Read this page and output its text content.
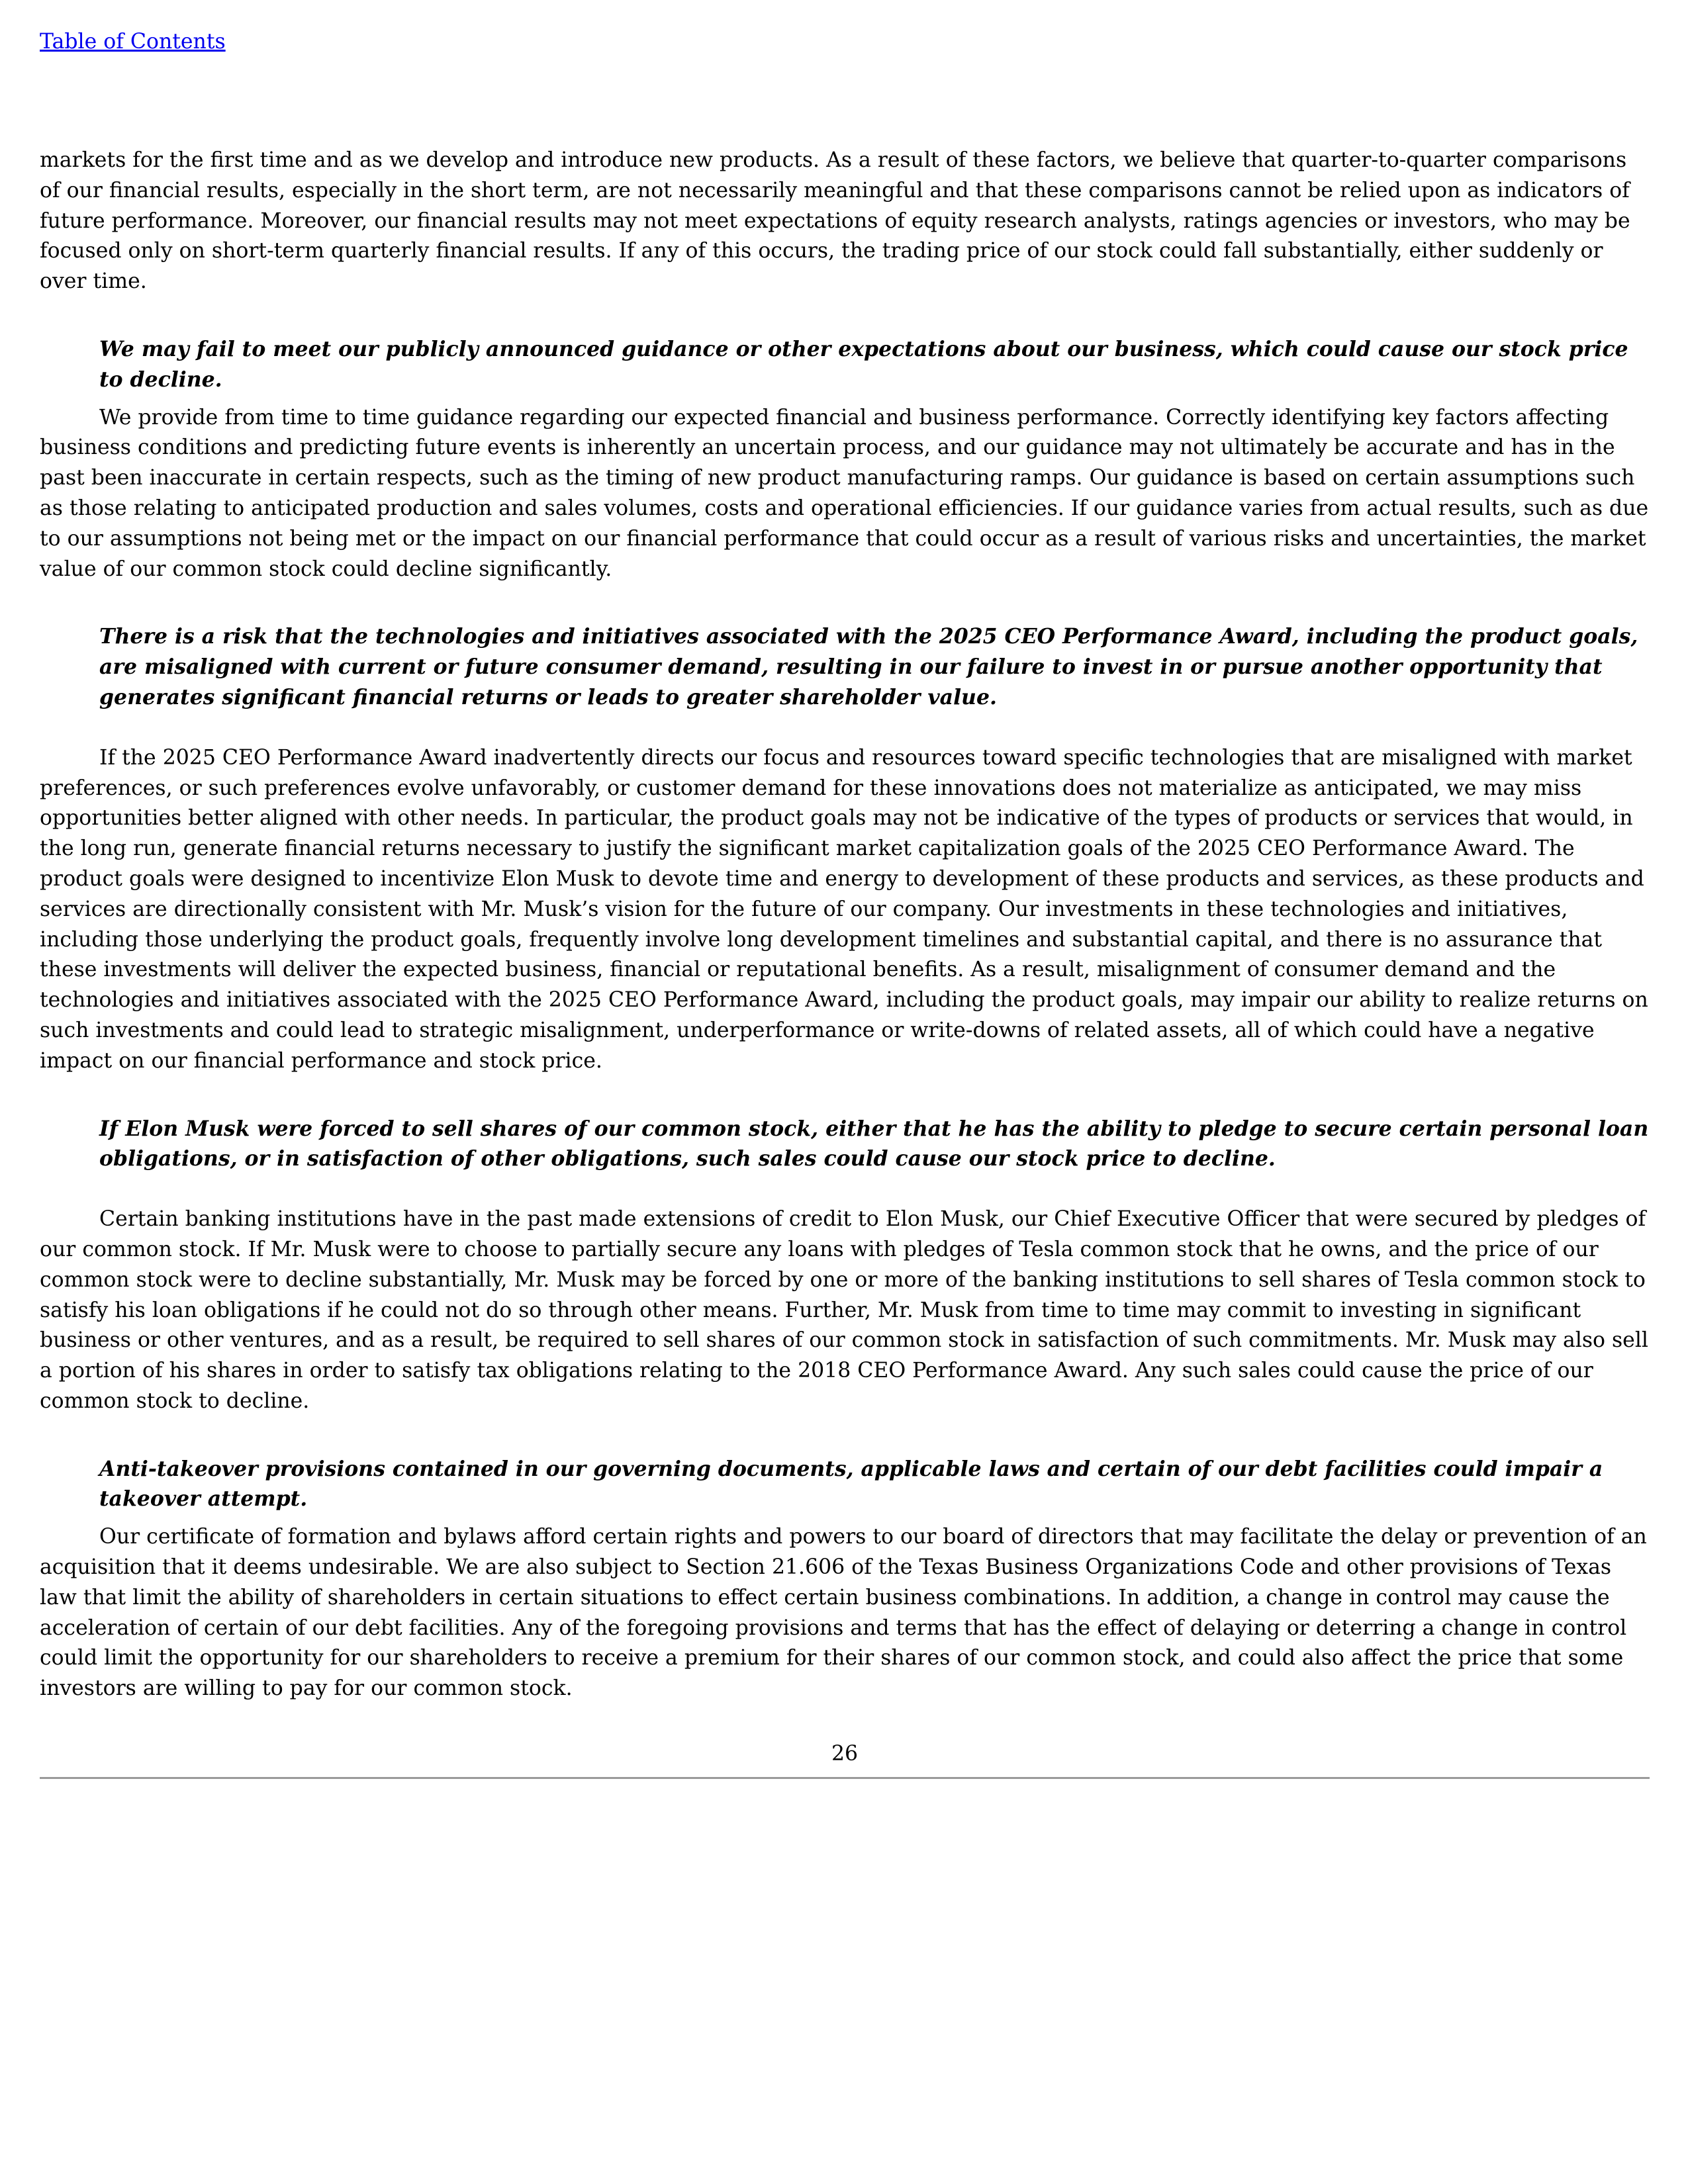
Table of Contents

markets for the first time and as we develop and introduce new products. As a result of these factors, we believe that quarter-to-quarter comparisons of our financial results, especially in the short term, are not necessarily meaningful and that these comparisons cannot be relied upon as indicators of future performance. Moreover, our financial results may not meet expectations of equity research analysts, ratings agencies or investors, who may be focused only on short-term quarterly financial results. If any of this occurs, the trading price of our stock could fall substantially, either suddenly or over time.

We may fail to meet our publicly announced guidance or other expectations about our business, which could cause our stock price to decline.

We provide from time to time guidance regarding our expected financial and business performance. Correctly identifying key factors affecting business conditions and predicting future events is inherently an uncertain process, and our guidance may not ultimately be accurate and has in the past been inaccurate in certain respects, such as the timing of new product manufacturing ramps. Our guidance is based on certain assumptions such as those relating to anticipated production and sales volumes, costs and operational efficiencies. If our guidance varies from actual results, such as due to our assumptions not being met or the impact on our financial performance that could occur as a result of various risks and uncertainties, the market value of our common stock could decline significantly.

There is a risk that the technologies and initiatives associated with the 2025 CEO Performance Award, including the product goals, are misaligned with current or future consumer demand, resulting in our failure to invest in or pursue another opportunity that generates significant financial returns or leads to greater shareholder value.

If the 2025 CEO Performance Award inadvertently directs our focus and resources toward specific technologies that are misaligned with market preferences, or such preferences evolve unfavorably, or customer demand for these innovations does not materialize as anticipated, we may miss opportunities better aligned with other needs. In particular, the product goals may not be indicative of the types of products or services that would, in the long run, generate financial returns necessary to justify the significant market capitalization goals of the 2025 CEO Performance Award. The product goals were designed to incentivize Elon Musk to devote time and energy to development of these products and services, as these products and services are directionally consistent with Mr. Musk’s vision for the future of our company. Our investments in these technologies and initiatives, including those underlying the product goals, frequently involve long development timelines and substantial capital, and there is no assurance that these investments will deliver the expected business, financial or reputational benefits. As a result, misalignment of consumer demand and the technologies and initiatives associated with the 2025 CEO Performance Award, including the product goals, may impair our ability to realize returns on such investments and could lead to strategic misalignment, underperformance or write-downs of related assets, all of which could have a negative impact on our financial performance and stock price.

If Elon Musk were forced to sell shares of our common stock, either that he has the ability to pledge to secure certain personal loan obligations, or in satisfaction of other obligations, such sales could cause our stock price to decline.

Certain banking institutions have in the past made extensions of credit to Elon Musk, our Chief Executive Officer that were secured by pledges of our common stock. If Mr. Musk were to choose to partially secure any loans with pledges of Tesla common stock that he owns, and the price of our common stock were to decline substantially, Mr. Musk may be forced by one or more of the banking institutions to sell shares of Tesla common stock to satisfy his loan obligations if he could not do so through other means. Further, Mr. Musk from time to time may commit to investing in significant business or other ventures, and as a result, be required to sell shares of our common stock in satisfaction of such commitments. Mr. Musk may also sell a portion of his shares in order to satisfy tax obligations relating to the 2018 CEO Performance Award. Any such sales could cause the price of our common stock to decline.

Anti-takeover provisions contained in our governing documents, applicable laws and certain of our debt facilities could impair a takeover attempt.

Our certificate of formation and bylaws afford certain rights and powers to our board of directors that may facilitate the delay or prevention of an acquisition that it deems undesirable. We are also subject to Section 21.606 of the Texas Business Organizations Code and other provisions of Texas law that limit the ability of shareholders in certain situations to effect certain business combinations. In addition, a change in control may cause the acceleration of certain of our debt facilities. Any of the foregoing provisions and terms that has the effect of delaying or deterring a change in control could limit the opportunity for our shareholders to receive a premium for their shares of our common stock, and could also affect the price that some investors are willing to pay for our common stock.

26
